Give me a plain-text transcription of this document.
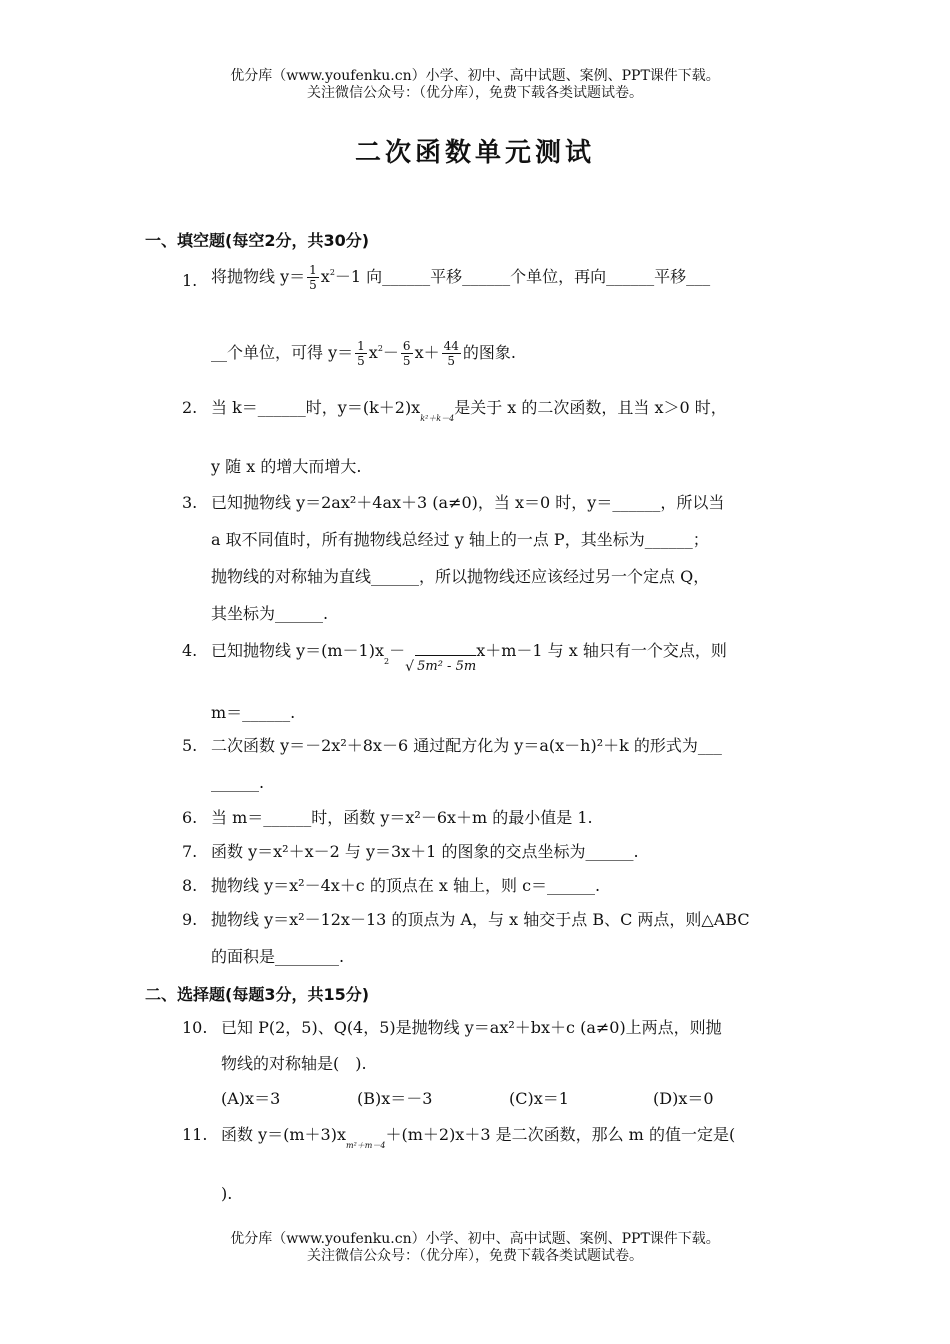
优分库（www.youfenku.cn）小学、初中、高中试题、案例、PPT课件下载。
关注微信公众号：（优分库），免费下载各类试题试卷。
二次函数单元测试
一、填空题(每空2分，共30分)
1. 将抛物线 $y= \frac{1}{5} x^2-1$ 向______平移______个单位，再向______平移___
__个单位，可得 $y= \frac{1}{5} x^2- \frac{6}{5} x+ \frac{44}{5}$ 的图象.
2. 当 k＝______时，$y=(k+2)x_{k^2+k-4}$是关于 x 的二次函数，且当 x＞0 时，
y 随 x 的增大而增大.
3. 已知抛物线 y＝2ax²＋4ax＋3 (a≠0)，当 x＝0 时，y＝______，所以当
a 取不同值时，所有抛物线总经过 y 轴上的一点 P，其坐标为______；
抛物线的对称轴为直线______，所以抛物线还应该经过另一个定点 Q，
其坐标为______.
4. 已知抛物线 $y=(m-1)x_2-$
√ 5m² - 5mx＋m－1 与 x 轴只有一个交点，则
m＝______.
5. 二次函数 y＝－2x²＋8x－6 通过配方化为 y＝a(x－h)²＋k 的形式为___
______.
6. 当 m＝______时，函数 y＝x²－6x＋m 的最小值是 1.
7. 函数 y＝x²＋x－2 与 y＝3x＋1 的图象的交点坐标为______.
8. 抛物线 y＝x²－4x＋c 的顶点在 x 轴上，则 c＝______.
9. 抛物线 y＝x²－12x－13 的顶点为 A，与 x 轴交于点 B、C 两点，则△ABC
的面积是________.
二、选择题(每题3分，共15分)
10. 已知 P(2，5)、Q(4，5)是抛物线 y＝ax²＋bx＋c (a≠0)上两点，则抛
物线的对称轴是(　).
(A)x＝3	(B)x＝－3	(C)x＝1	(D)x＝0
11. 函数 $y=(m+3)x_{m^2+m-4}+(m+2)x+3$ 是二次函数，那么 m 的值一定是(
).
优分库（www.youfenku.cn）小学、初中、高中试题、案例、PPT课件下载。
关注微信公众号：（优分库），免费下载各类试题试卷。
